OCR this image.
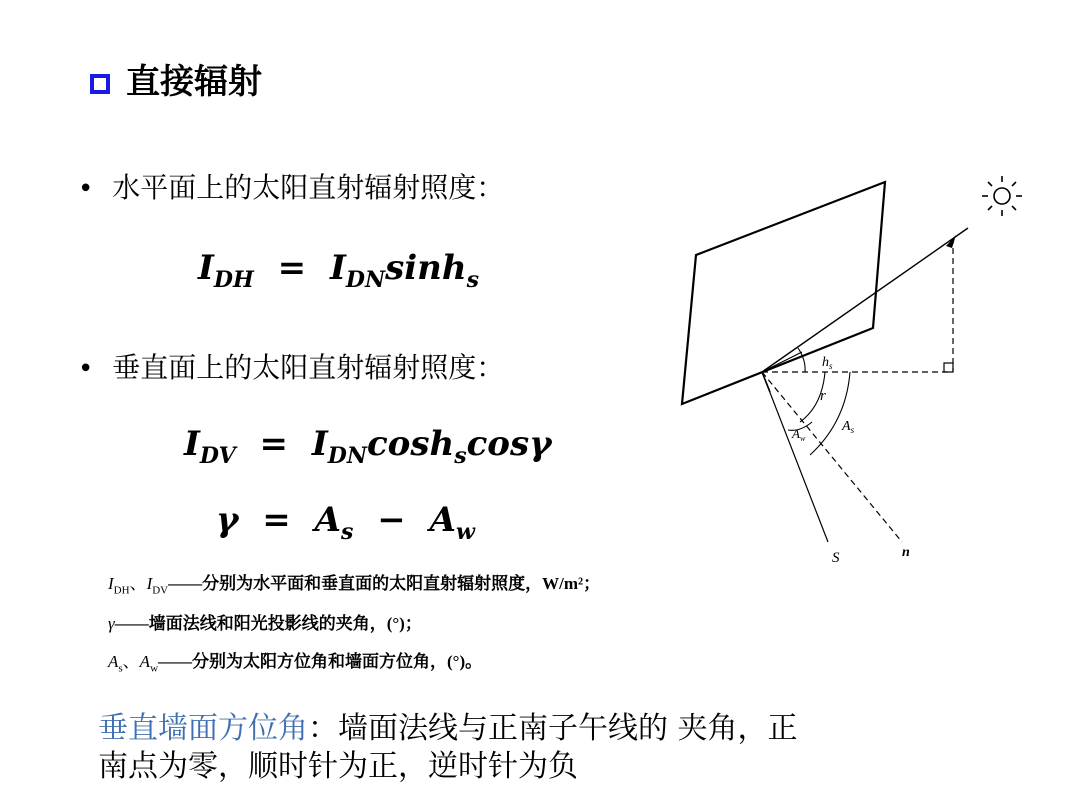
直接辐射
• 水平面上的太阳直射辐射照度：
$I_{DH} = I_{DN}\sinh_s$
• 垂直面上的太阳直射辐射照度：
$I_{DV} = I_{DN}\cosh_s\cos\gamma$
$\gamma = A_s - A_w$
$I_{DH}$、$I_{DV}——$分别为水平面和垂直面的太阳直射辐射照度，W/m²；
γ——墙面法线和阳光投影线的夹角，(°)；
$A_s$、$A_w——$分别为太阳方位角和墙面方位角，(°)。
垂直墙面方位角：墙面法线与正南子午线的 夹角，正
南点为零，顺时针为正，逆时针为负
$h_s$
r
$A_s$
$A_w$
S	n
